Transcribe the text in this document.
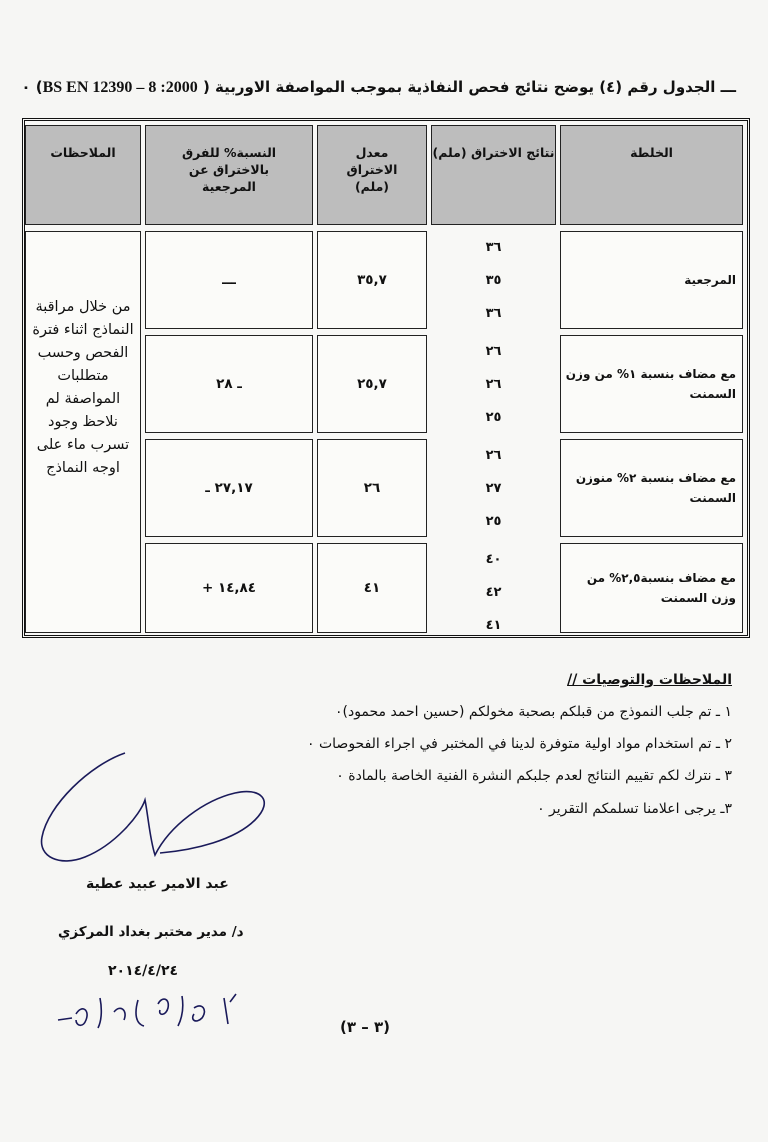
ـــ الجدول رقم (٤) يوضح نتائج فحص النفاذية بموجب المواصفة الاوربية ( BS EN 12390 – 8 :2000) ٠
الخلطة
نتائج الاختراق (ملم)
معدل الاختراق (ملم)
النسبة% للفرق بالاختراق عن المرجعية
الملاحظات
المرجعية
٣٦
٣٥
٣٦
٣٥,٧
ـــ
مع مضاف بنسبة ١% من وزن السمنت
٢٦
٢٦
٢٥
٢٥,٧
ـ ٢٨
مع مضاف بنسبة ٢% منوزن السمنت
٢٦
٢٧
٢٥
٢٦
٢٧,١٧ ـ
مع مضاف بنسبة٢,٥% من وزن السمنت
٤٠
٤٢
٤١
٤١
١٤,٨٤ +
من خلال مراقبة النماذج اثناء فترة الفحص وحسب متطلبات المواصفة لم نلاحظ وجود تسرب ماء على اوجه النماذج
الملاحظات والتوصيات //
١ ـ تم جلب النموذج من قبلكم بصحبة مخولكم (حسين احمد محمود)٠
٢ ـ تم استخدام مواد اولية متوفرة لدينا في المختبر في اجراء الفحوصات ٠
٣ ـ نترك لكم تقييم النتائج لعدم جلبكم النشرة الفنية الخاصة بالمادة ٠
٣ـ يرجى اعلامنا تسلمكم التقرير ٠
عبد الامير عبيد عطية
د/ مدير مختبر بغداد المركزي
٢٠١٤/٤/٢٤
(٣ – ٣)
